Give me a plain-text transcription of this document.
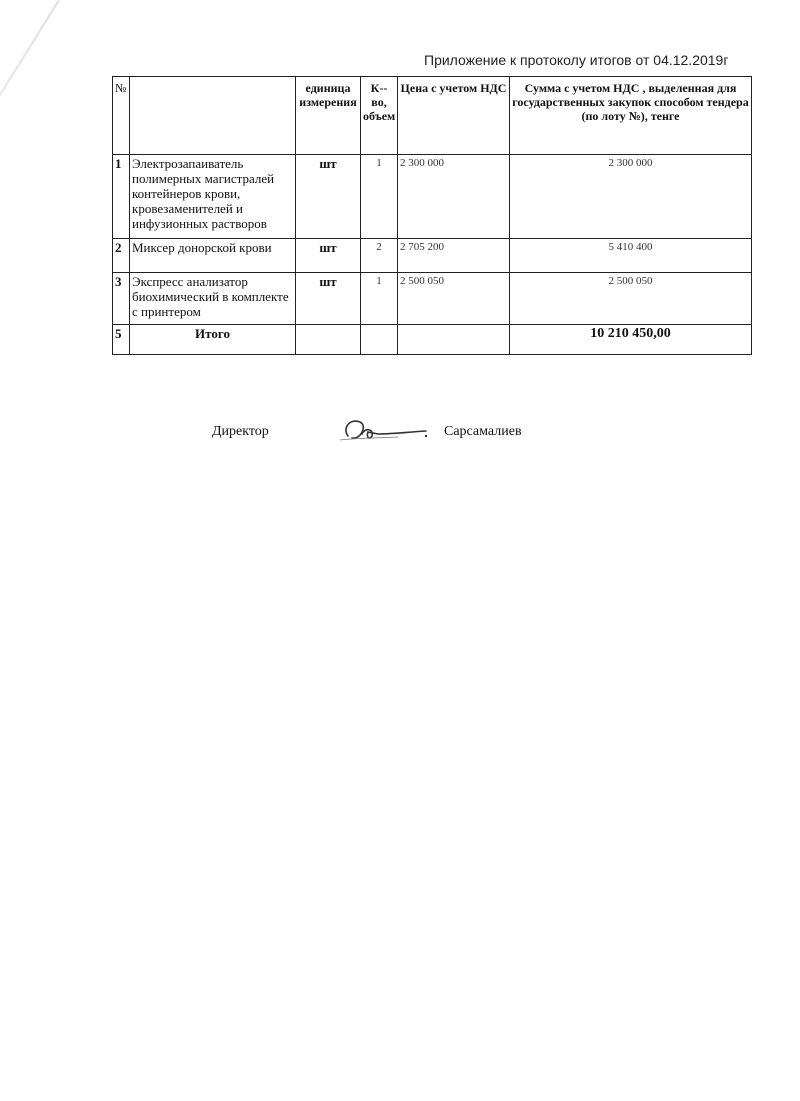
Приложение к протоколу итогов от 04.12.2019г
№		единица измерения	К-- во, объем	Цена с учетом НДС	Сумма с учетом НДС , выделенная для государственных закупок способом тендера (по лоту №), тенге
1	Электрозапаиватель полимерных магистралей контейнеров крови, кровезаменителей и инфузионных растворов	шт	1	2 300 000	2 300 000
2	Миксер донорской крови	шт	2	2 705 200	5 410 400
3	Экспресс анализатор биохимический в комплекте с принтером	шт	1	2 500 050	2 500 050
5	Итого				10 210 450,00
Директор	Сарсамалиев
